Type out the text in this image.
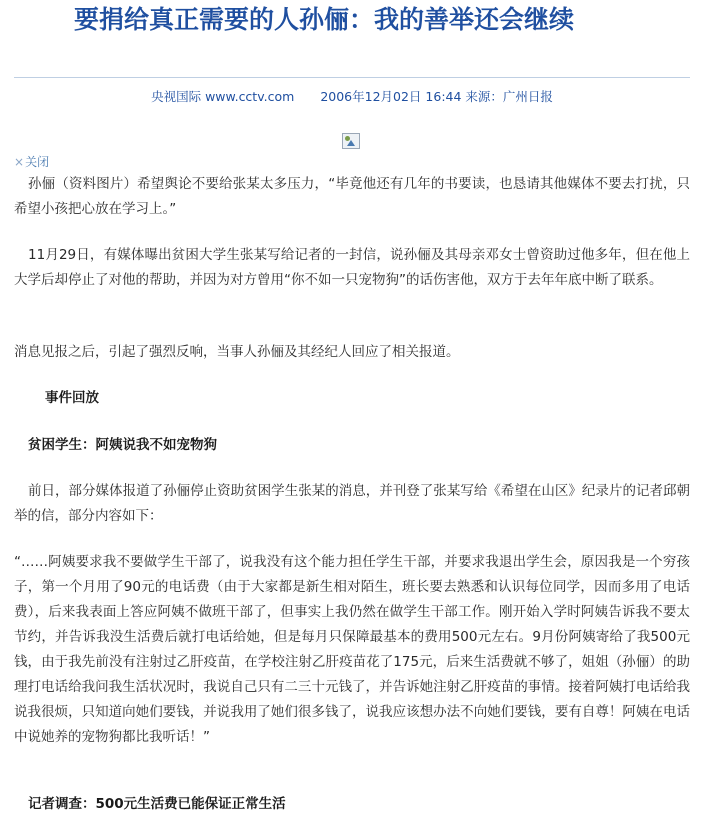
要捐给真正需要的人孙俪：我的善举还会继续
央视国际 www.cctv.com 2006年12月02日 16:44 来源：广州日报
×关闭

孙俪（资料图片）希望舆论不要给张某太多压力，“毕竟他还有几年的书要读，也恳请其他媒体不要去打扰，只希望小孩把心放在学习上。”

11月29日，有媒体曝出贫困大学生张某写给记者的一封信，说孙俪及其母亲邓女士曾资助过他多年，但在他上大学后却停止了对他的帮助，并因为对方曾用“你不如一只宠物狗”的话伤害他，双方于去年年底中断了联系。

消息见报之后，引起了强烈反响，当事人孙俪及其经纪人回应了相关报道。

事件回放
贫困学生：阿姨说我不如宠物狗

前日，部分媒体报道了孙俪停止资助贫困学生张某的消息，并刊登了张某写给《希望在山区》纪录片的记者邱朝举的信，部分内容如下：

“……阿姨要求我不要做学生干部了，说我没有这个能力担任学生干部，并要求我退出学生会，原因我是一个穷孩子，第一个月用了90元的电话费（由于大家都是新生相对陌生，班长要去熟悉和认识每位同学，因而多用了电话费），后来我表面上答应阿姨不做班干部了，但事实上我仍然在做学生干部工作。刚开始入学时阿姨告诉我不要太节约，并告诉我没生活费后就打电话给她，但是每月只保障最基本的费用500元左右。9月份阿姨寄给了我500元钱，由于我先前没有注射过乙肝疫苗，在学校注射乙肝疫苗花了175元，后来生活费就不够了，姐姐（孙俪）的助理打电话给我问我生活状况时，我说自己只有二三十元钱了，并告诉她注射乙肝疫苗的事情。接着阿姨打电话给我说我很烦，只知道向她们要钱，并说我用了她们很多钱了，说我应该想办法不向她们要钱，要有自尊！阿姨在电话中说她养的宠物狗都比我听话！”

记者调查：500元生活费已能保证正常生活
